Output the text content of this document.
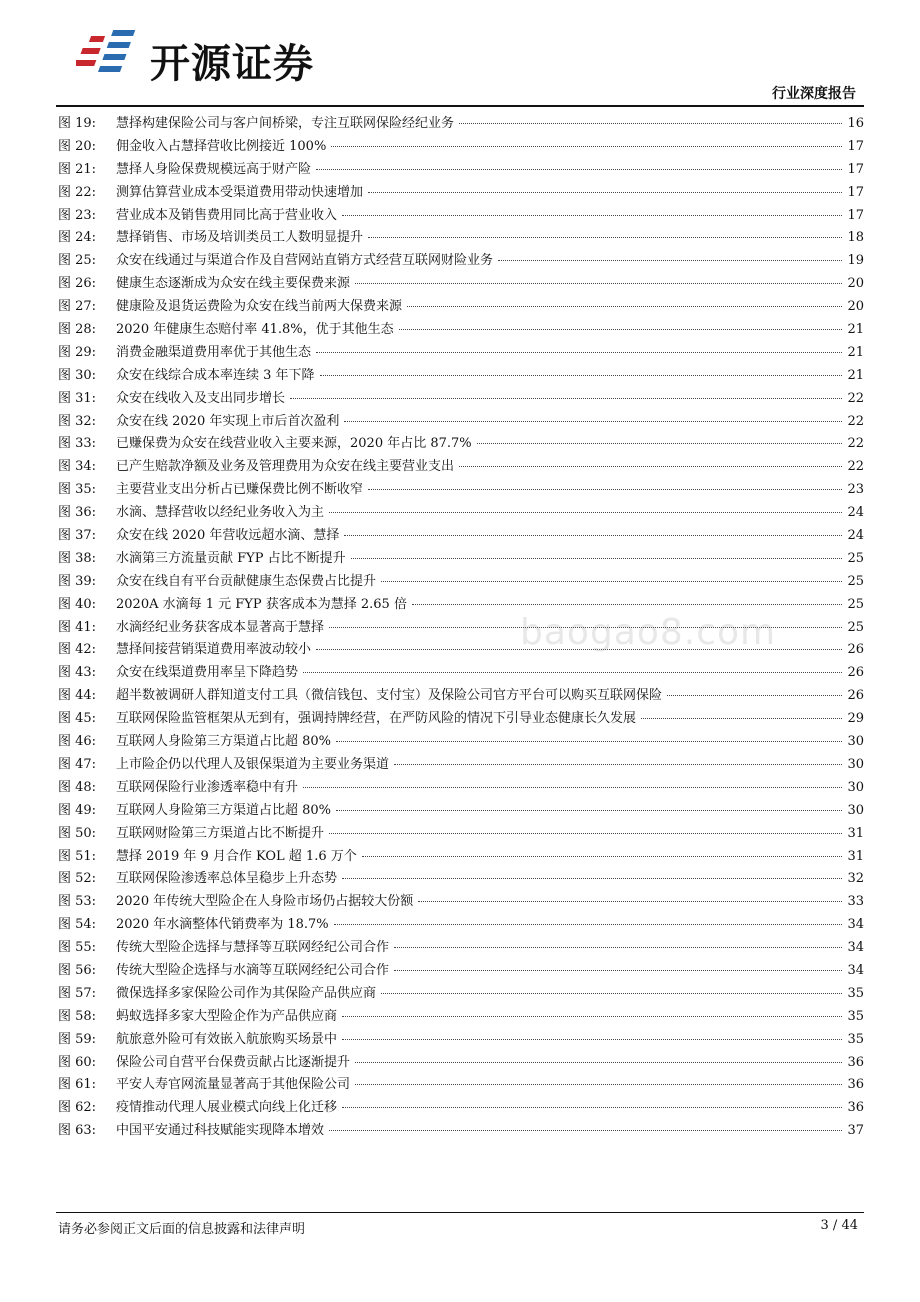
开源证券
行业深度报告
图 19:	慧择构建保险公司与客户间桥梁，专注互联网保险经纪业务	16
图 20:	佣金收入占慧择营收比例接近 100%	17
图 21:	慧择人身险保费规模远高于财产险	17
图 22:	测算估算营业成本受渠道费用带动快速增加	17
图 23:	营业成本及销售费用同比高于营业收入	17
图 24:	慧择销售、市场及培训类员工人数明显提升	18
图 25:	众安在线通过与渠道合作及自营网站直销方式经营互联网财险业务	19
图 26:	健康生态逐渐成为众安在线主要保费来源	20
图 27:	健康险及退货运费险为众安在线当前两大保费来源	20
图 28:	2020 年健康生态赔付率 41.8%，优于其他生态	21
图 29:	消费金融渠道费用率优于其他生态	21
图 30:	众安在线综合成本率连续 3 年下降	21
图 31:	众安在线收入及支出同步增长	22
图 32:	众安在线 2020 年实现上市后首次盈利	22
图 33:	已赚保费为众安在线营业收入主要来源，2020 年占比 87.7%	22
图 34:	已产生赔款净额及业务及管理费用为众安在线主要营业支出	22
图 35:	主要营业支出分析占已赚保费比例不断收窄	23
图 36:	水滴、慧择营收以经纪业务收入为主	24
图 37:	众安在线 2020 年营收远超水滴、慧择	24
图 38:	水滴第三方流量贡献 FYP 占比不断提升	25
图 39:	众安在线自有平台贡献健康生态保费占比提升	25
图 40:	2020A 水滴每 1 元 FYP 获客成本为慧择 2.65 倍	25
图 41:	水滴经纪业务获客成本显著高于慧择	25
图 42:	慧择间接营销渠道费用率波动较小	26
图 43:	众安在线渠道费用率呈下降趋势	26
图 44:	超半数被调研人群知道支付工具（微信钱包、支付宝）及保险公司官方平台可以购买互联网保险	26
图 45:	互联网保险监管框架从无到有，强调持牌经营，在严防风险的情况下引导业态健康长久发展	29
图 46:	互联网人身险第三方渠道占比超 80%	30
图 47:	上市险企仍以代理人及银保渠道为主要业务渠道	30
图 48:	互联网保险行业渗透率稳中有升	30
图 49:	互联网人身险第三方渠道占比超 80%	30
图 50:	互联网财险第三方渠道占比不断提升	31
图 51:	慧择 2019 年 9 月合作 KOL 超 1.6 万个	31
图 52:	互联网保险渗透率总体呈稳步上升态势	32
图 53:	2020 年传统大型险企在人身险市场仍占据较大份额	33
图 54:	2020 年水滴整体代销费率为 18.7%	34
图 55:	传统大型险企选择与慧择等互联网经纪公司合作	34
图 56:	传统大型险企选择与水滴等互联网经纪公司合作	34
图 57:	微保选择多家保险公司作为其保险产品供应商	35
图 58:	蚂蚁选择多家大型险企作为产品供应商	35
图 59:	航旅意外险可有效嵌入航旅购买场景中	35
图 60:	保险公司自营平台保费贡献占比逐渐提升	36
图 61:	平安人寿官网流量显著高于其他保险公司	36
图 62:	疫情推动代理人展业模式向线上化迁移	36
图 63:	中国平安通过科技赋能实现降本增效	37
baogao8.com
请务必参阅正文后面的信息披露和法律声明	3 / 44
